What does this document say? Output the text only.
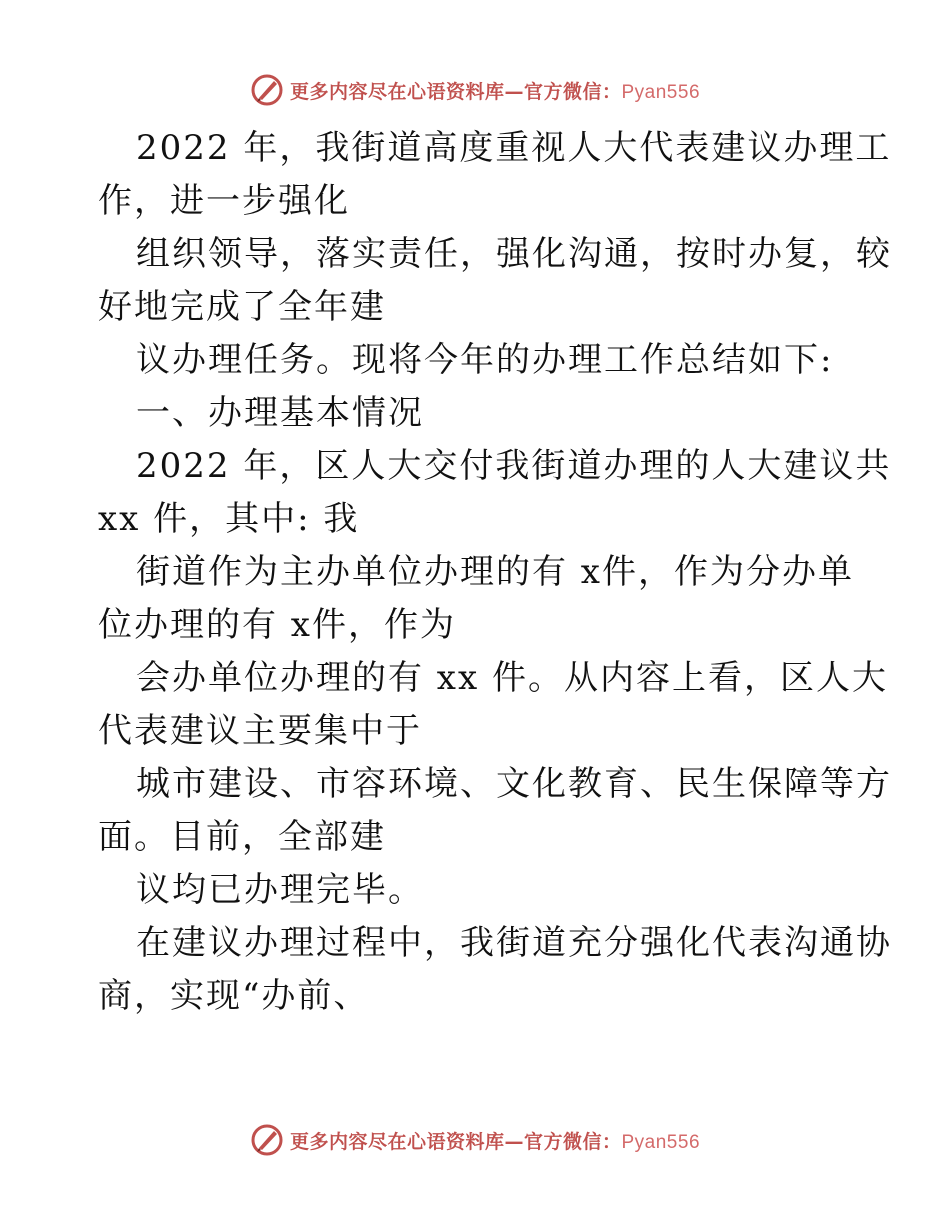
更多内容尽在心语资料库—官方微信：Pyan556
2022 年，我街道高度重视人大代表建议办理工
作，进一步强化
组织领导，落实责任，强化沟通，按时办复，较
好地完成了全年建
议办理任务。现将今年的办理工作总结如下:
一、办理基本情况
2022 年，区人大交付我街道办理的人大建议共
xx 件，其中: 我
街道作为主办单位办理的有 x件，作为分办单
位办理的有 x件，作为
会办单位办理的有 xx 件。从内容上看，区人大
代表建议主要集中于
城市建设、市容环境、文化教育、民生保障等方
面。目前，全部建
议均已办理完毕。
在建议办理过程中，我街道充分强化代表沟通协
商，实现“办前、
更多内容尽在心语资料库—官方微信：Pyan556
